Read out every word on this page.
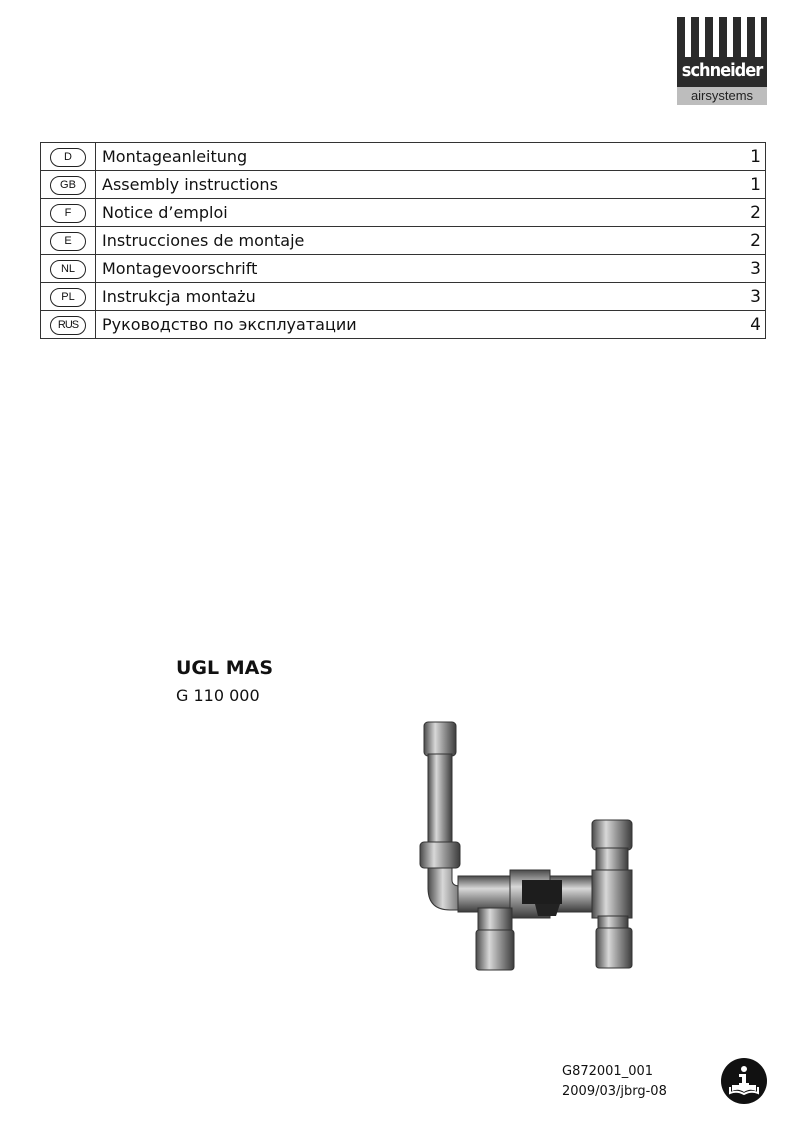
schneider
airsystems
D	Montageanleitung	1
GB	Assembly instructions	1
F	Notice d’emploi	2
E	Instrucciones de montaje	2
NL	Montagevoorschrift	3
PL	Instrukcja montażu	3
RUS	Руководство по эксплуатации	4
UGL MAS
G 110 000
G872001_001
2009/03/jbrg-08
